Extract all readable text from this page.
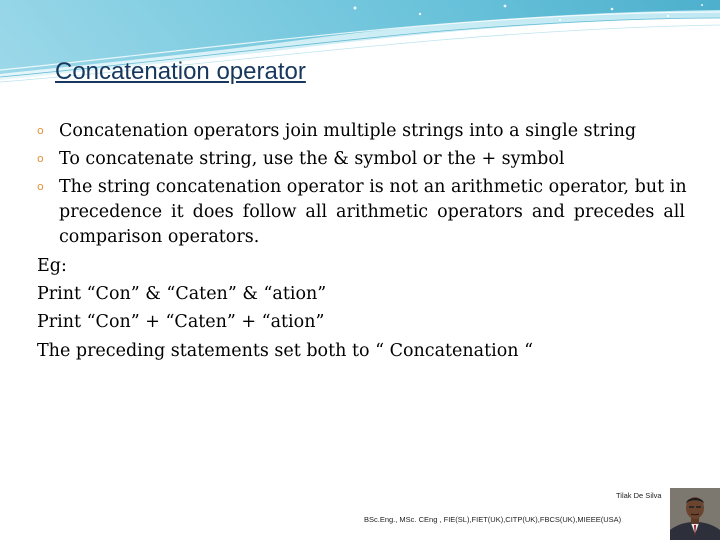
Concatenation operator
o Concatenation operators join multiple strings into a single string
o To concatenate string, use the & symbol or the + symbol
o The string concatenation operator is not an arithmetic operator, but in
precedence it does follow all arithmetic operators and precedes all
comparison operators.
Eg:
Print “Con” & “Caten” & “ation”
Print “Con” + “Caten” + “ation”
The preceding statements set both to “ Concatenation “
Tilak De Silva
BSc.Eng., MSc. CEng , FIE(SL),FIET(UK),CITP(UK),FBCS(UK),MIEEE(USA)
